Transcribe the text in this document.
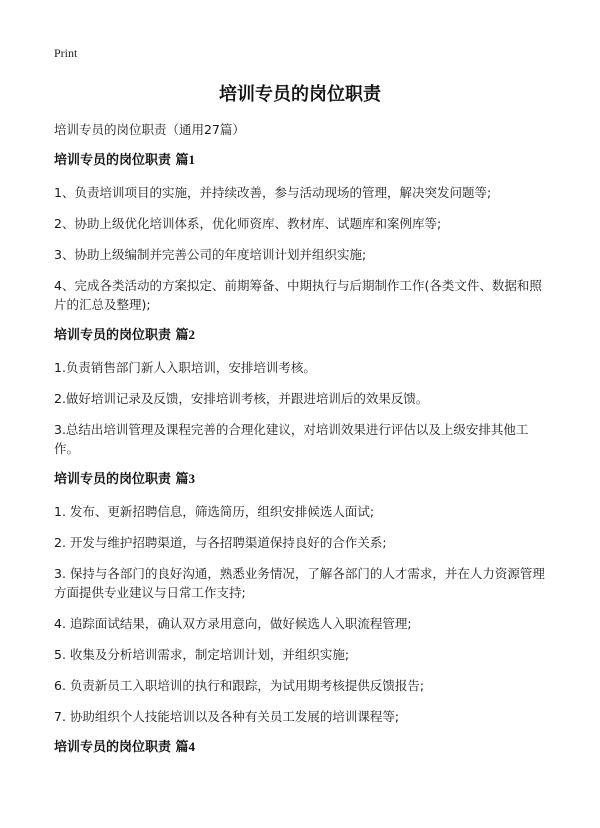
Print
培训专员的岗位职责

培训专员的岗位职责（通用27篇）

培训专员的岗位职责 篇1

1、负责培训项目的实施，并持续改善，参与活动现场的管理，解决突发问题等;

2、协助上级优化培训体系，优化师资库、教材库、试题库和案例库等;

3、协助上级编制并完善公司的年度培训计划并组织实施;

4、完成各类活动的方案拟定、前期筹备、中期执行与后期制作工作(各类文件、数据和照片的汇总及整理);

培训专员的岗位职责 篇2

1.负责销售部门新人入职培训，安排培训考核。

2.做好培训记录及反馈，安排培训考核，并跟进培训后的效果反馈。

3.总结出培训管理及课程完善的合理化建议，对培训效果进行评估以及上级安排其他工作。

培训专员的岗位职责 篇3

1. 发布、更新招聘信息，筛选简历，组织安排候选人面试;

2. 开发与维护招聘渠道，与各招聘渠道保持良好的合作关系;

3. 保持与各部门的良好沟通，熟悉业务情况，了解各部门的人才需求，并在人力资源管理方面提供专业建议与日常工作支持;

4. 追踪面试结果，确认双方录用意向，做好候选人入职流程管理;

5. 收集及分析培训需求，制定培训计划，并组织实施;

6. 负责新员工入职培训的执行和跟踪，为试用期考核提供反馈报告;

7. 协助组织个人技能培训以及各种有关员工发展的培训课程等;

培训专员的岗位职责 篇4
